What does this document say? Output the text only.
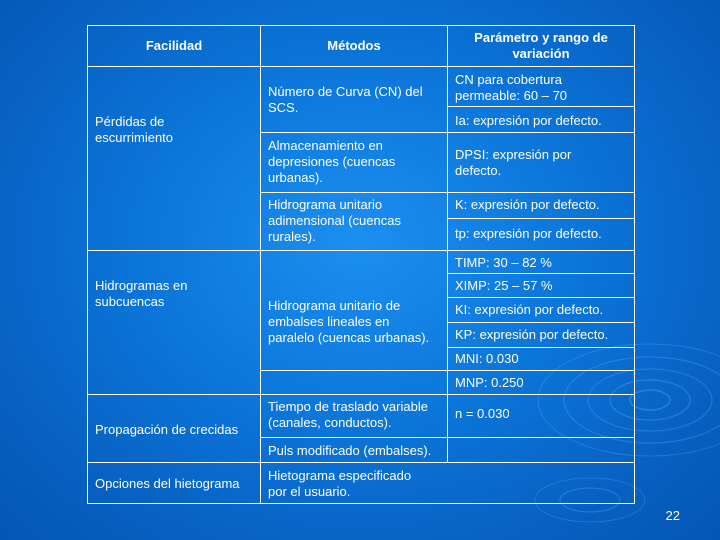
Facilidad	Métodos
Parámetro y rango de
variación
Pérdidas de
escurrimiento
Hidrogramas en
subcuencas
Propagación de crecidas
Opciones del hietograma
Número de Curva (CN) del
SCS.
Almacenamiento en
depresiones (cuencas
urbanas).
Hidrograma unitario
adimensional (cuencas
rurales).
Hidrograma unitario de
embalses lineales en
paralelo (cuencas urbanas).
Tiempo de traslado variable
(canales, conductos).
Puls modificado (embalses).
Hietograma especificado
por el usuario.
CN para cobertura
permeable: 60 – 70
Ia: expresión por defecto.
DPSI: expresión por
defecto.
K: expresión por defecto.
tp: expresión por defecto.
TIMP: 30 – 82 %
XIMP: 25 – 57 %
KI: expresión por defecto.
KP: expresión por defecto.
MNI: 0.030
MNP: 0.250
n = 0.030
22
